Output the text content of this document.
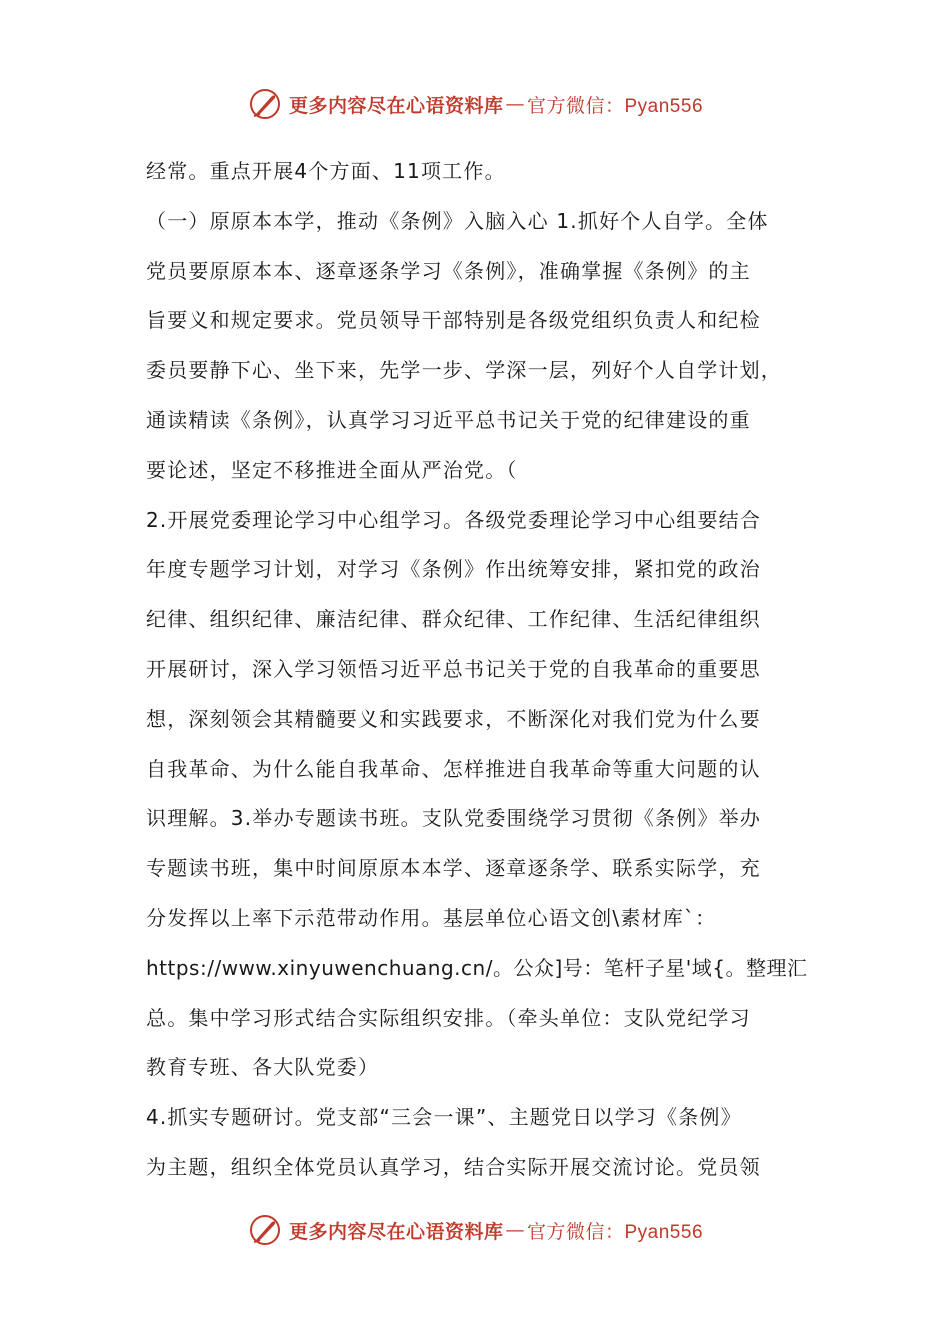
更多内容尽在心语资料库 — 官方微信：Pyan556
经常。重点开展4个方面、11项工作。
（一）原原本本学，推动《条例》入脑入心 1.抓好个人自学。全体
党员要原原本本、逐章逐条学习《条例》，准确掌握《条例》的主
旨要义和规定要求。党员领导干部特别是各级党组织负责人和纪检
委员要静下心、坐下来，先学一步、学深一层，列好个人自学计划，
通读精读《条例》，认真学习习近平总书记关于党的纪律建设的重
要论述，坚定不移推进全面从严治党。（
2.开展党委理论学习中心组学习。各级党委理论学习中心组要结合
年度专题学习计划，对学习《条例》作出统筹安排，紧扣党的政治
纪律、组织纪律、廉洁纪律、群众纪律、工作纪律、生活纪律组织
开展研讨，深入学习领悟习近平总书记关于党的自我革命的重要思
想，深刻领会其精髓要义和实践要求，不断深化对我们党为什么要
自我革命、为什么能自我革命、怎样推进自我革命等重大问题的认
识理解。3.举办专题读书班。支队党委围绕学习贯彻《条例》举办
专题读书班，集中时间原原本本学、逐章逐条学、联系实际学，充
分发挥以上率下示范带动作用。基层单位心语文创\素材库`：
https://www.xinyuwenchuang.cn/。公众]号：笔杆子星'域{。整理汇
总。集中学习形式结合实际组织安排。（牵头单位：支队党纪学习
教育专班、各大队党委）
4.抓实专题研讨。党支部“三会一课”、主题党日以学习《条例》
为主题，组织全体党员认真学习，结合实际开展交流讨论。党员领
更多内容尽在心语资料库 — 官方微信：Pyan556
